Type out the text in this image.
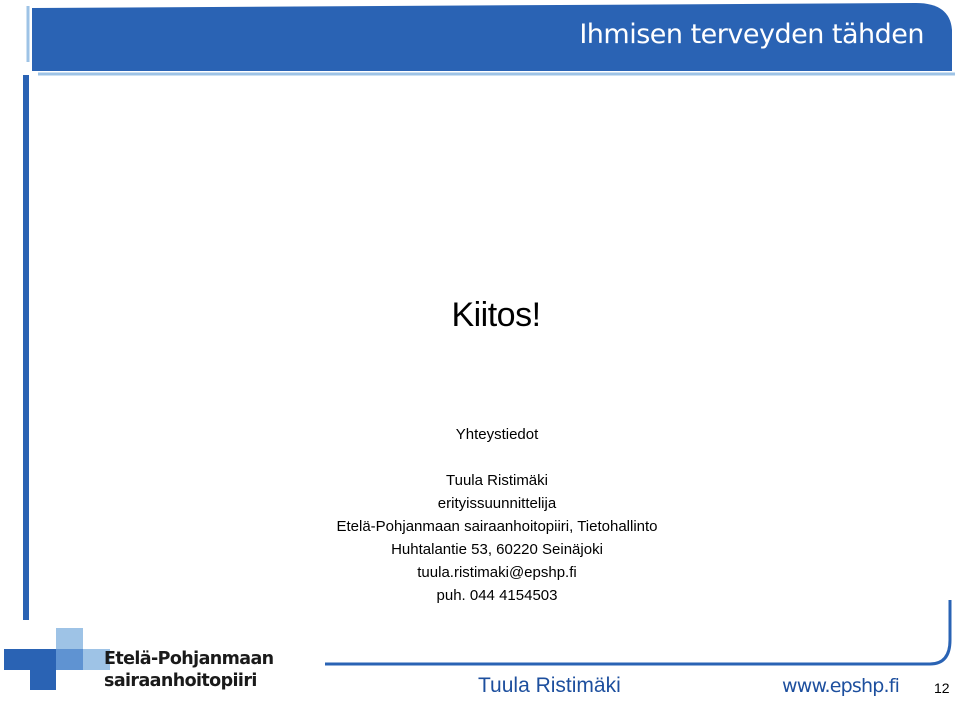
Ihmisen terveyden tähden
Kiitos!
Yhteystiedot
Tuula Ristimäki
erityissuunnittelija
Etelä-Pohjanmaan sairaanhoitopiiri, Tietohallinto
Huhtalantie 53, 60220 Seinäjoki
tuula.ristimaki@epshp.fi
puh. 044 4154503
Etelä-Pohjanmaan
sairaanhoitopiiri	Tuula Ristimäki	www.epshp.fi 12
